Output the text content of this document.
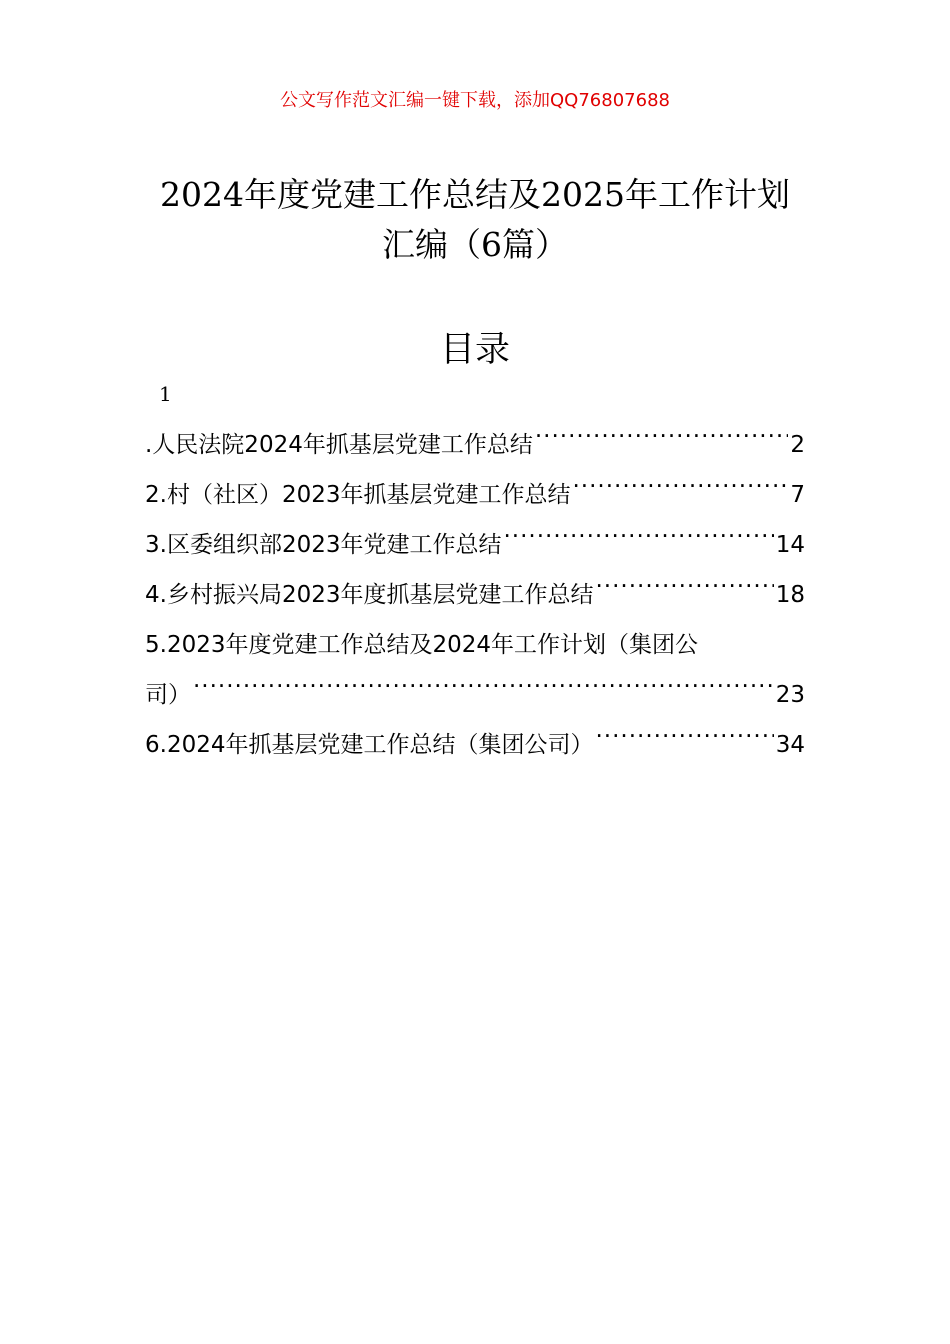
公文写作范文汇编一键下载，添加QQ76807688
2024年度党建工作总结及2025年工作计划
汇编（6篇）
目录
1
.人民法院2024年抓基层党建工作总结 .....	2
2.村（社区）2023年抓基层党建工作总结 .....	7
3.区委组织部2023年党建工作总结 .....	14
4.乡村振兴局2023年度抓基层党建工作总结 .....	18
5.2023年度党建工作总结及2024年工作计划（集团公
司） .....	23
6.2024年抓基层党建工作总结（集团公司） .....	34
